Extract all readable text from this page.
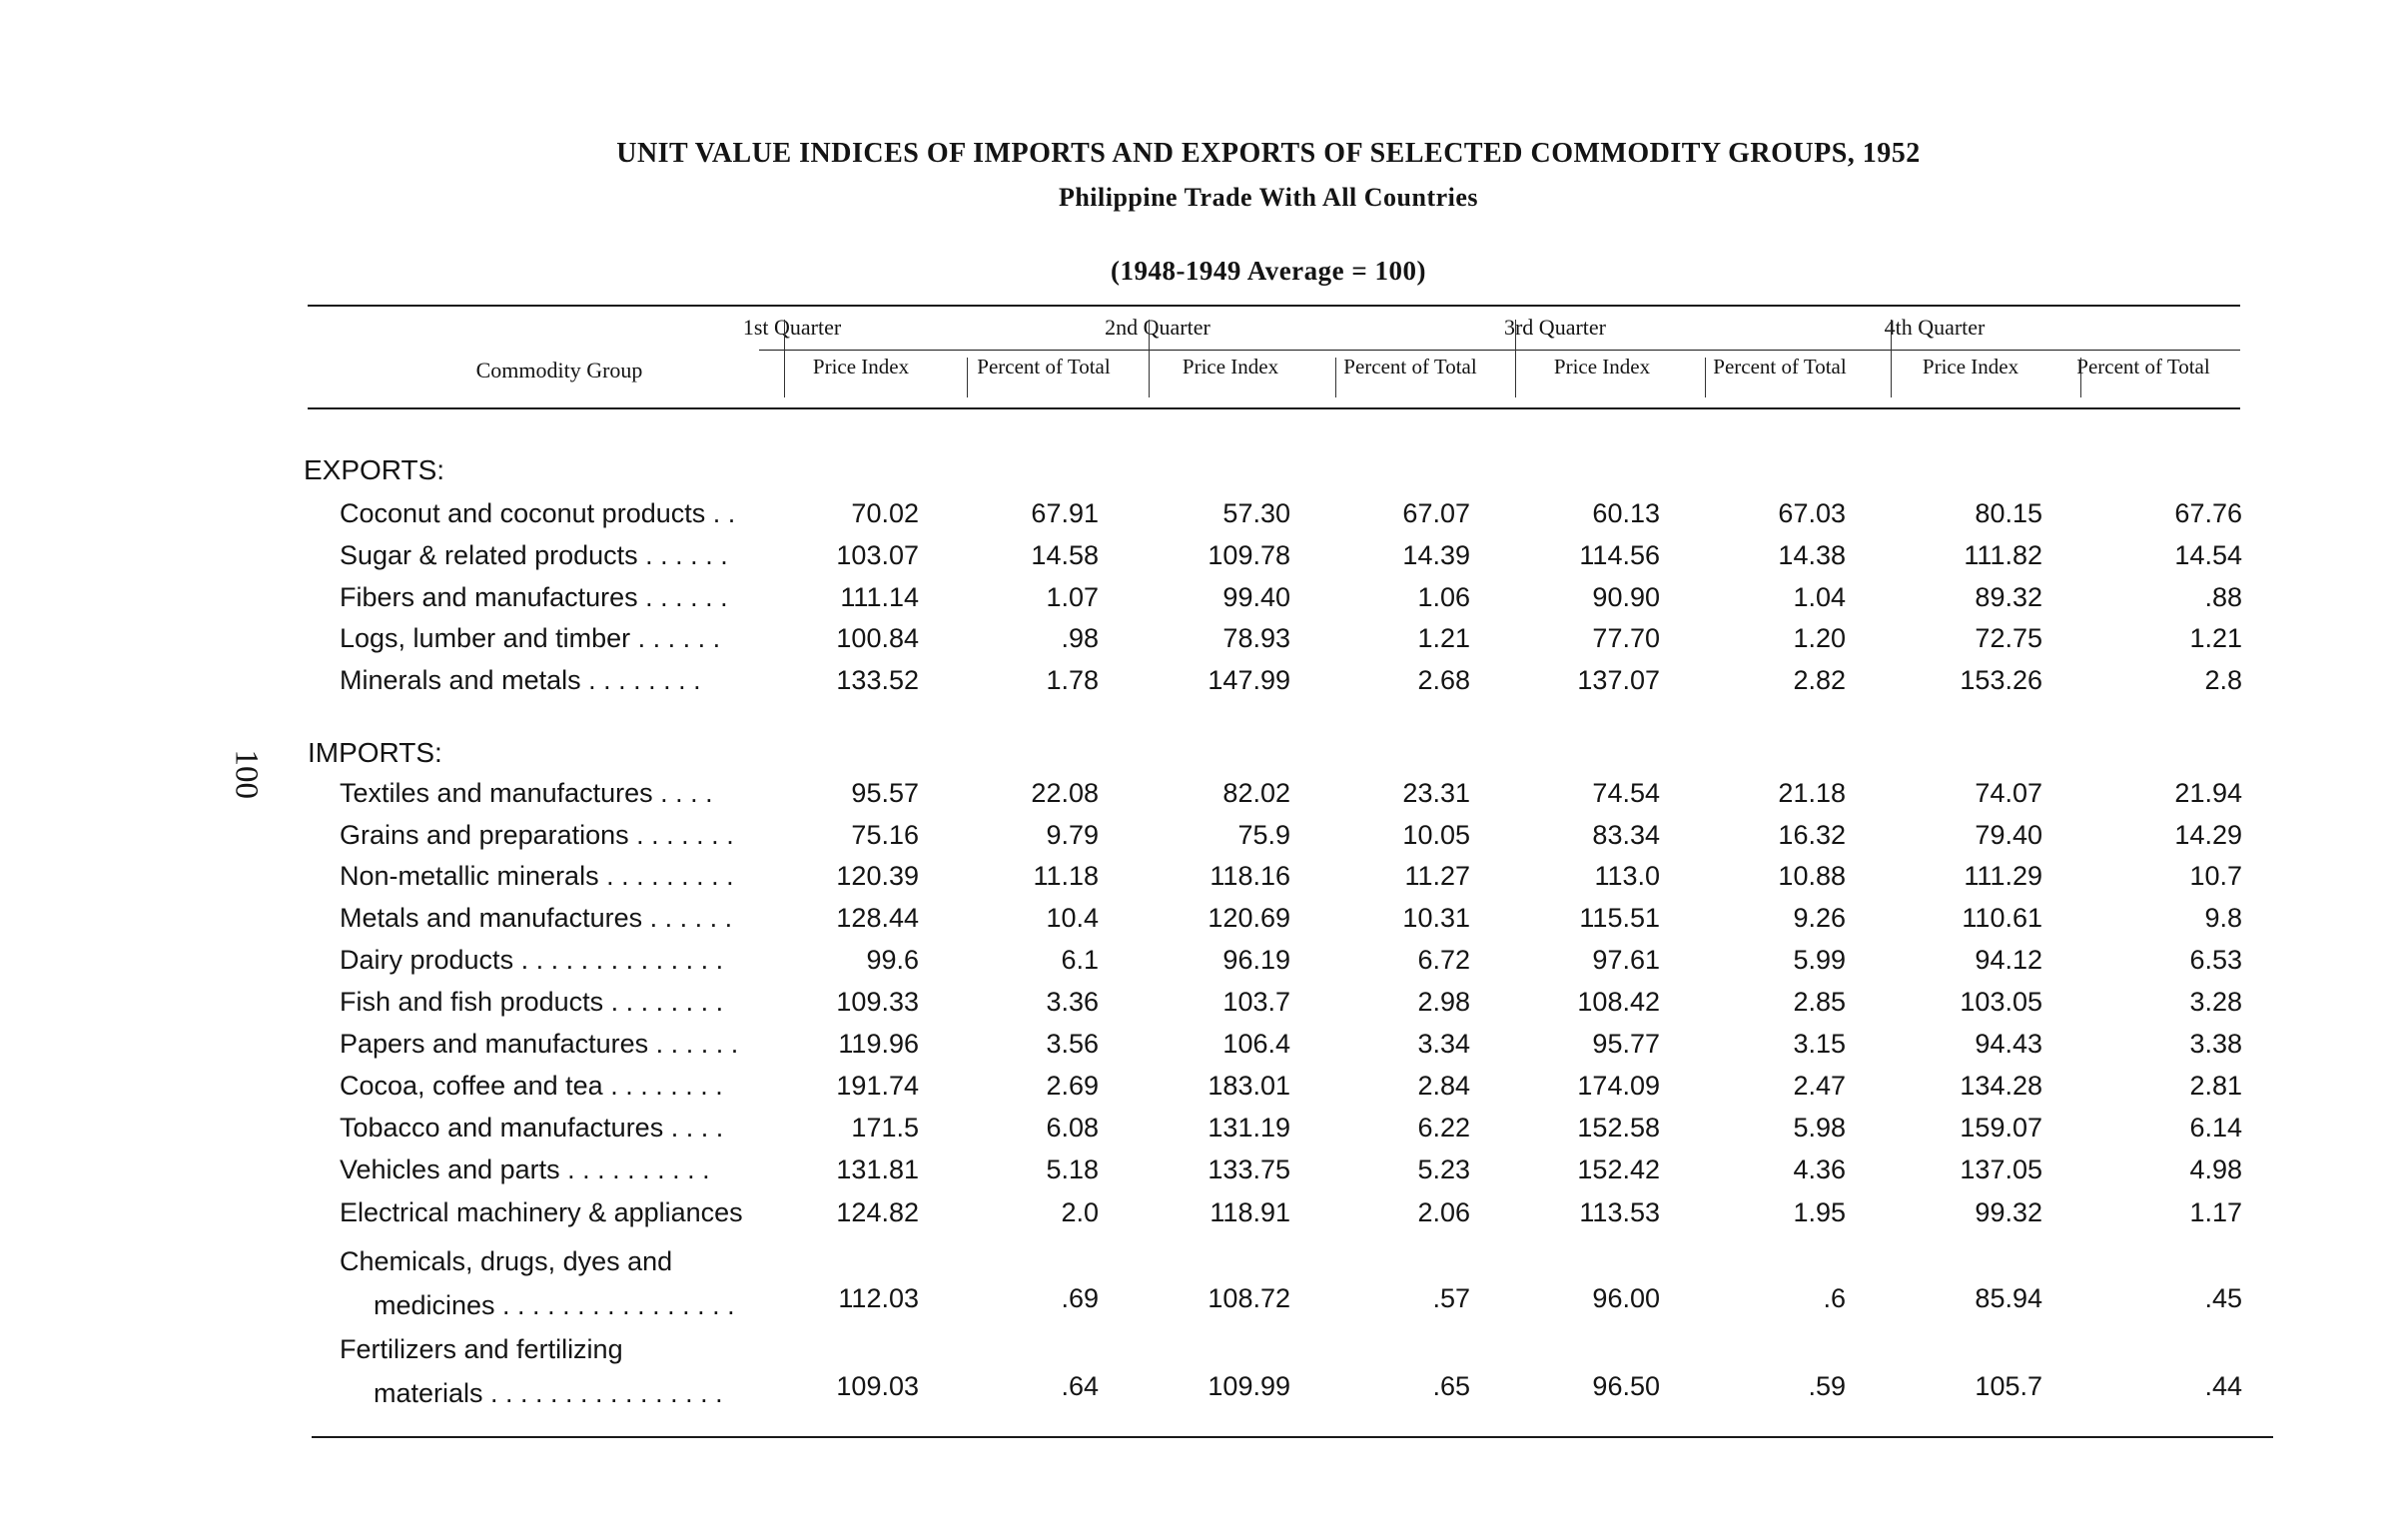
100
UNIT VALUE INDICES OF IMPORTS AND EXPORTS OF SELECTED COMMODITY GROUPS, 1952
Philippine Trade With All Countries
(1948-1949 Average = 100)
Commodity Group
1st Quarter	2nd Quarter	3rd Quarter	4th Quarter
Price Index	Percent of Total	Price Index	Percent of Total	Price Index	Percent of Total	Price Index	Percent of Total
EXPORTS:
Coconut and coconut products . .	70.02	67.91	57.30	67.07	60.13	67.03	80.15	67.76
Sugar & related products . . . . . .	103.07	14.58	109.78	14.39	114.56	14.38	111.82	14.54
Fibers and manufactures . . . . . .	111.14	1.07	99.40	1.06	90.90	1.04	89.32	.88
Logs, lumber and timber . . . . . .	100.84	.98	78.93	1.21	77.70	1.20	72.75	1.21
Minerals and metals . . . . . . . .	133.52	1.78	147.99	2.68	137.07	2.82	153.26	2.8
IMPORTS:
Textiles and manufactures . . . .	95.57	22.08	82.02	23.31	74.54	21.18	74.07	21.94
Grains and preparations . . . . . . .	75.16	9.79	75.9	10.05	83.34	16.32	79.40	14.29
Non-metallic minerals . . . . . . . . .	120.39	11.18	118.16	11.27	113.0	10.88	111.29	10.7
Metals and manufactures . . . . . .	128.44	10.4	120.69	10.31	115.51	9.26	110.61	9.8
Dairy products . . . . . . . . . . . . . .	99.6	6.1	96.19	6.72	97.61	5.99	94.12	6.53
Fish and fish products . . . . . . . .	109.33	3.36	103.7	2.98	108.42	2.85	103.05	3.28
Papers and manufactures . . . . . .	119.96	3.56	106.4	3.34	95.77	3.15	94.43	3.38
Cocoa, coffee and tea . . . . . . . .	191.74	2.69	183.01	2.84	174.09	2.47	134.28	2.81
Tobacco and manufactures . . . .	171.5	6.08	131.19	6.22	152.58	5.98	159.07	6.14
Vehicles and parts . . . . . . . . . .	131.81	5.18	133.75	5.23	152.42	4.36	137.05	4.98
Electrical machinery & appliances	124.82	2.0	118.91	2.06	113.53	1.95	99.32	1.17
Chemicals, drugs, dyes and
medicines . . . . . . . . . . . . . . . .	112.03	.69	108.72	.57	96.00	.6	85.94	.45
Fertilizers and fertilizing
materials . . . . . . . . . . . . . . . .	109.03	.64	109.99	.65	96.50	.59	105.7	.44
